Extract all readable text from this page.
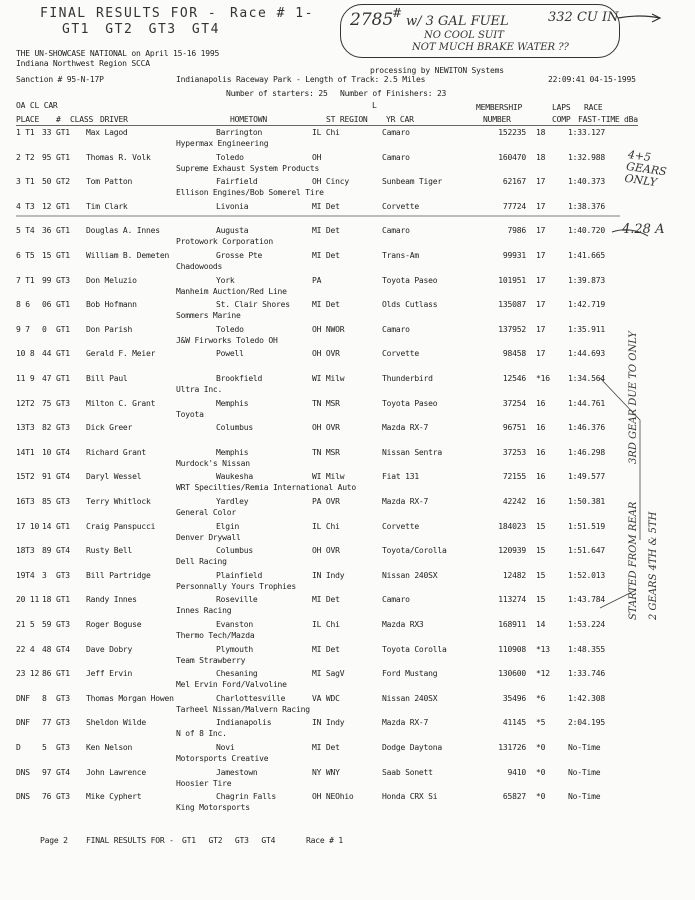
FINAL RESULTS FOR - Race # 1-
GT1 GT2 GT3 GT4	2785
#
w/ 3 GAL FUEL
NO COOL SUIT
NOT MUCH BRAKE WATER ??
332 CU IN
THE UN-SHOWCASE NATIONAL on April 15-16 1995
Indiana Northwest Region SCCA
processing by NEWITON Systems
Sanction # 95-N-17P	Indianapolis Raceway Park - Length of Track: 2.5 Miles	22:09:41 04-15-1995
Number of starters: 25 Number of Finishers: 23
OA CL CAR	L	MEMBERSHIP	LAPS RACE
PLACE # CLASS DRIVER	HOMETOWN	ST REGION YR CAR	NUMBER	COMP FAST-TIME dBa
1 T1 33 GT1 Max Lagod	Barrington	IL Chi	Camaro	152235 18	1:33.127
Hypermax Engineering
2 T2 95 GT1 Thomas R. Volk	Toledo	OH	Camaro	160470 18	1:32.988
Supreme Exhaust System Products
3 T1 50 GT2 Tom Patton	Fairfield	OH Cincy	Sunbeam Tiger	62167 17	1:40.373
Ellison Engines/Bob Somerel Tire
4 T3 12 GT1 Tim Clark	Livonia	MI Det	Corvette	77724 17	1:38.376
5 T4 36 GT1 Douglas A. Innes	Augusta	MI Det	Camaro	7986 17	1:40.720
Protowork Corporation
6 T5 15 GT1 William B. Demeten	Grosse Pte	MI Det	Trans-Am	99931 17	1:41.665
Chadowoods
7 T1 99 GT3 Don Meluzio	York	PA	Toyota Paseo	101951 17	1:39.873
Manheim Auction/Red Line
8 6 06 GT1 Bob Hofmann	St. Clair Shores	MI Det	Olds Cutlass	135087 17	1:42.719
Sommers Marine
9 7 0 GT1 Don Parish	Toledo	OH NWOR	Camaro	137952 17	1:35.911
J&W Firworks Toledo OH
10 8 44 GT1 Gerald F. Meier	Powell	OH OVR	Corvette	98458 17	1:44.693
11 9 47 GT1 Bill Paul	Brookfield	WI Milw	Thunderbird	12546 *16 1:34.564
Ultra Inc.
12T2 75 GT3 Milton C. Grant	Memphis	TN MSR	Toyota Paseo	37254 16	1:44.761
Toyota
13T3 82 GT3 Dick Greer	Columbus	OH OVR	Mazda RX-7	96751 16	1:46.376
14T1 10 GT4 Richard Grant	Memphis	TN MSR	Nissan Sentra	37253 16	1:46.298
Murdock's Nissan
15T2 91 GT4 Daryl Wessel	Waukesha	WI Milw	Fiat 131	72155 16	1:49.577
WRT Specilties/Remia International Auto
16T3 85 GT3 Terry Whitlock	Yardley	PA OVR	Mazda RX-7	42242 16	1:50.381
General Color
17 10 14 GT1 Craig Panspucci	Elgin	IL Chi	Corvette	184023 15	1:51.519
Denver Drywall
18T3 89 GT4 Rusty Bell	Columbus	OH OVR	Toyota/Corolla	120939 15	1:51.647
Dell Racing
19T4 3 GT3 Bill Partridge	Plainfield	IN Indy	Nissan 240SX	12482 15	1:52.013
Personnally Yours Trophies
20 11 18 GT1 Randy Innes	Roseville	MI Det	Camaro	113274 15	1:43.784
Innes Racing
21 5 59 GT3 Roger Boguse	Evanston	IL Chi	Mazda RX3	168911 14	1:53.224
Thermo Tech/Mazda
22 4 48 GT4 Dave Dobry	Plymouth	MI Det	Toyota Corolla	110908 *13 1:48.355
Team Strawberry
23 12 86 GT1 Jeff Ervin	Chesaning	MI SagV	Ford Mustang	130600 *12 1:33.746
Mel Ervin Ford/Valvoline
DNF 8 GT3 Thomas Morgan Howen	Charlottesville	VA WDC	Nissan 240SX	35496 *6	1:42.308
Tarheel Nissan/Malvern Racing
DNF 77 GT3 Sheldon Wilde	Indianapolis	IN Indy	Mazda RX-7	41145 *5	2:04.195
N of 8 Inc.
D	5 GT3 Ken Nelson	Novi	MI Det	Dodge Daytona	131726 *0	No-Time
Motorsports Creative
DNS 97 GT4 John Lawrence	Jamestown	NY WNY	Saab Sonett	9410 *0	No-Time
Hoosier Tire
DNS 76 GT3 Mike Cyphert	Chagrin Falls	OH NEOhio	Honda CRX Si	65827 *0	No-Time
King Motorsports
4+5 GEARS ONLY
4.28 A
3RD GEAR DUE TO ONLY
STARTED FROM REAR 2 GEARS 4TH & 5TH
Page 2 FINAL RESULTS FOR - GT1 GT2 GT3 GT4	Race # 1
